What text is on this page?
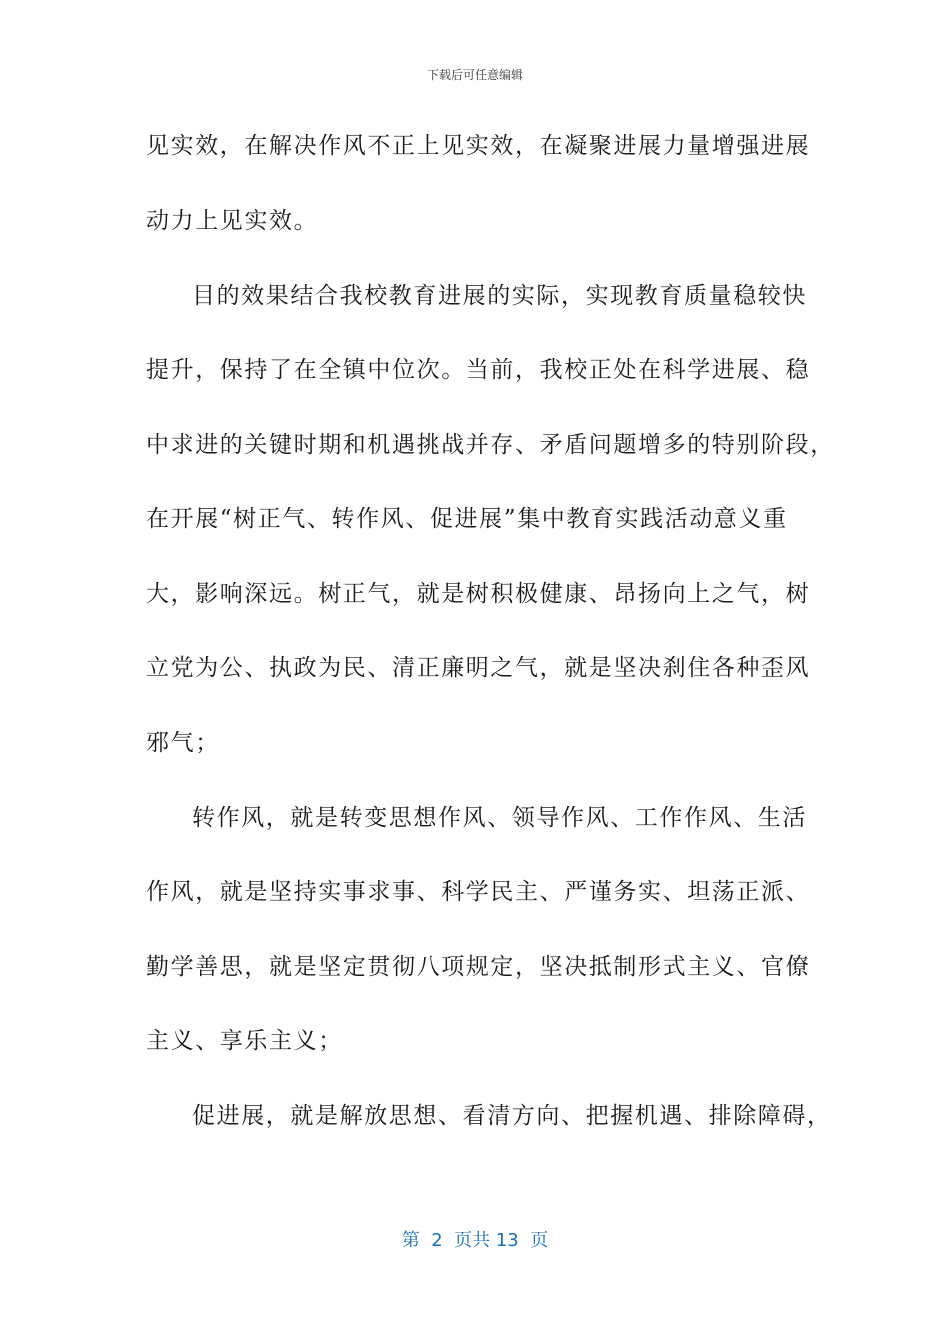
下载后可任意编辑
见实效，在解决作风不正上见实效，在凝聚进展力量增强进展
动力上见实效。
目的效果结合我校教育进展的实际，实现教育质量稳较快
提升，保持了在全镇中位次。当前，我校正处在科学进展、稳
中求进的关键时期和机遇挑战并存、矛盾问题增多的特别阶段，
在开展“树正气、转作风、促进展”集中教育实践活动意义重
大，影响深远。树正气，就是树积极健康、昂扬向上之气，树
立党为公、执政为民、清正廉明之气，就是坚决刹住各种歪风
邪气；
转作风，就是转变思想作风、领导作风、工作作风、生活
作风，就是坚持实事求事、科学民主、严谨务实、坦荡正派、
勤学善思，就是坚定贯彻八项规定，坚决抵制形式主义、官僚
主义、享乐主义；
促进展，就是解放思想、看清方向、把握机遇、排除障碍，
第  2  页共 13  页
